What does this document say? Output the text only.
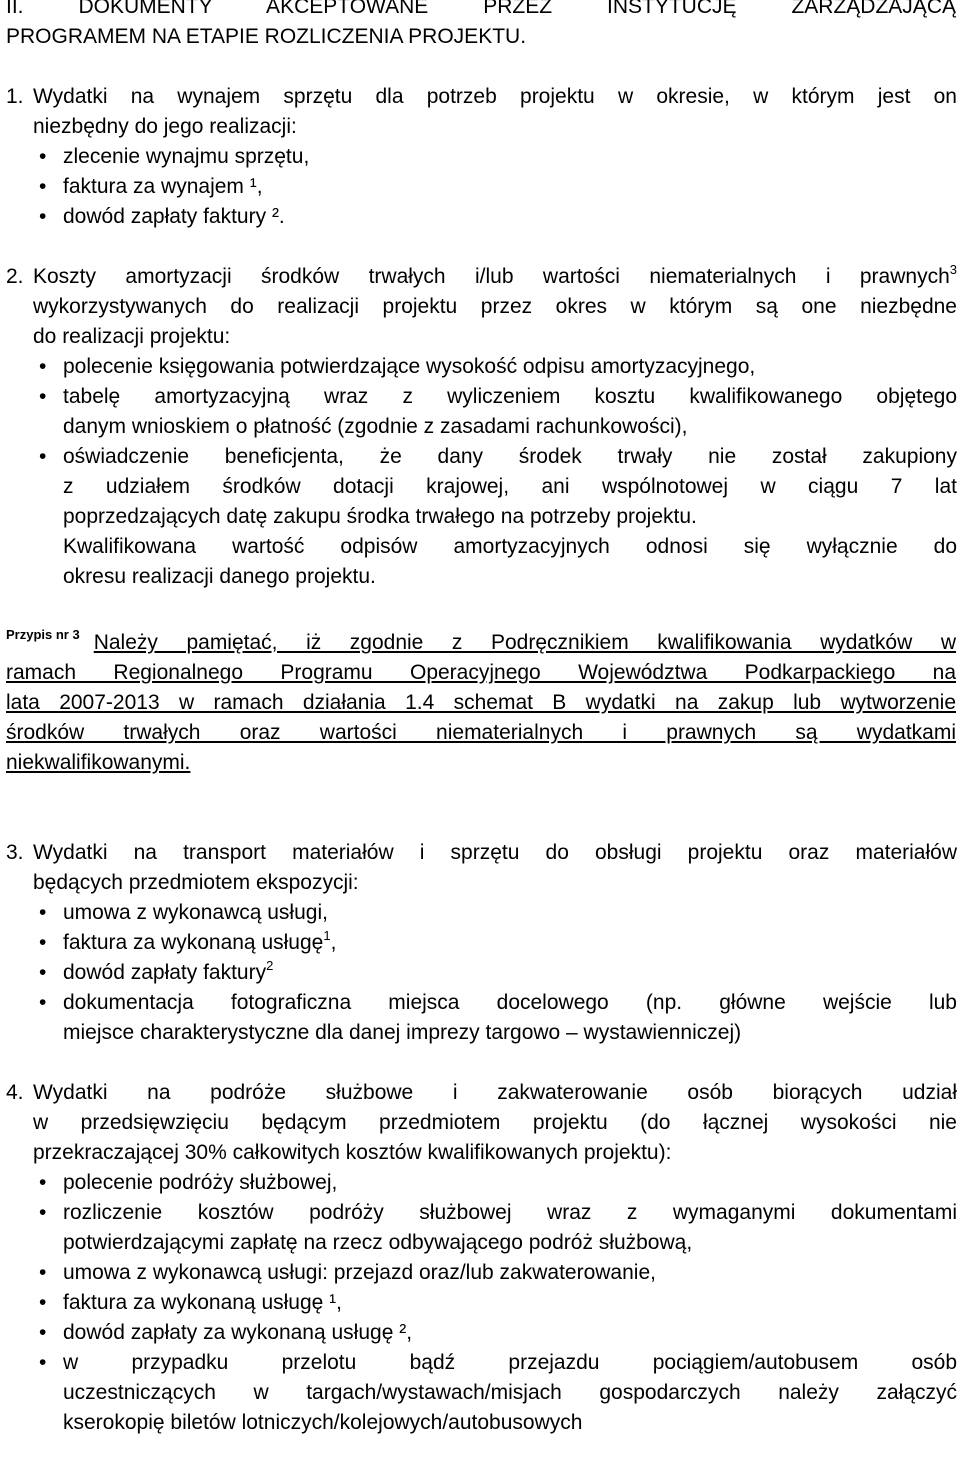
II. DOKUMENTY AKCEPTOWANE PRZEZ INSTYTUCJĘ ZARZĄDZAJĄCĄ

PROGRAMEM NA ETAPIE ROZLICZENIA PROJEKTU.

1. Wydatki na wynajem sprzętu dla potrzeb projektu w okresie, w którym jest on

niezbędny do jego realizacji:

• zlecenie wynajmu sprzętu,
• faktura za wynajem ¹,
• dowód zapłaty faktury ².
2. Koszty amortyzacji środków trwałych i/lub wartości niematerialnych i prawnych$^3$

wykorzystywanych do realizacji projektu przez okres w którym są one niezbędne

do realizacji projektu:

• polecenie księgowania potwierdzające wysokość odpisu amortyzacyjnego,

• tabelę amortyzacyjną wraz z wyliczeniem kosztu kwalifikowanego objętego

danym wnioskiem o płatność (zgodnie z zasadami rachunkowości),

• oświadczenie beneficjenta, że dany środek trwały nie został zakupiony

z udziałem środków dotacji krajowej, ani wspólnotowej w ciągu 7 lat

poprzedzających datę zakupu środka trwałego na potrzeby projektu.

Kwalifikowana wartość odpisów amortyzacyjnych odnosi się wyłącznie do

okresu realizacji danego projektu.

Przypis nr 3 Należy pamiętać, iż zgodnie z Podręcznikiem kwalifikowania wydatków w

ramach Regionalnego Programu Operacyjnego Województwa Podkarpackiego na

lata 2007-2013 w ramach działania 1.4 schemat B wydatki na zakup lub wytworzenie

środków trwałych oraz wartości niematerialnych i prawnych są wydatkami

niekwalifikowanymi.

3. Wydatki na transport materiałów i sprzętu do obsługi projektu oraz materiałów

będących przedmiotem ekspozycji:

• umowa z wykonawcą usługi,
• faktura za wykonaną usługę$^1$,
• dowód zapłaty faktury$^2$
• dokumentacja fotograficzna miejsca docelowego (np. główne wejście lub

miejsce charakterystyczne dla danej imprezy targowo – wystawienniczej)

4. Wydatki na podróże służbowe i zakwaterowanie osób biorących udział

w przedsięwzięciu będącym przedmiotem projektu (do łącznej wysokości nie

przekraczającej 30% całkowitych kosztów kwalifikowanych projektu):

• polecenie podróży służbowej,
• rozliczenie kosztów podróży służbowej wraz z wymaganymi dokumentami

potwierdzającymi zapłatę na rzecz odbywającego podróż służbową,

• umowa z wykonawcą usługi: przejazd oraz/lub zakwaterowanie,
• faktura za wykonaną usługę ¹,
• dowód zapłaty za wykonaną usługę ²,
• w przypadku przelotu bądź przejazdu pociągiem/autobusem osób

uczestniczących w targach/wystawach/misjach gospodarczych należy załączyć

kserokopię biletów lotniczych/kolejowych/autobusowych
